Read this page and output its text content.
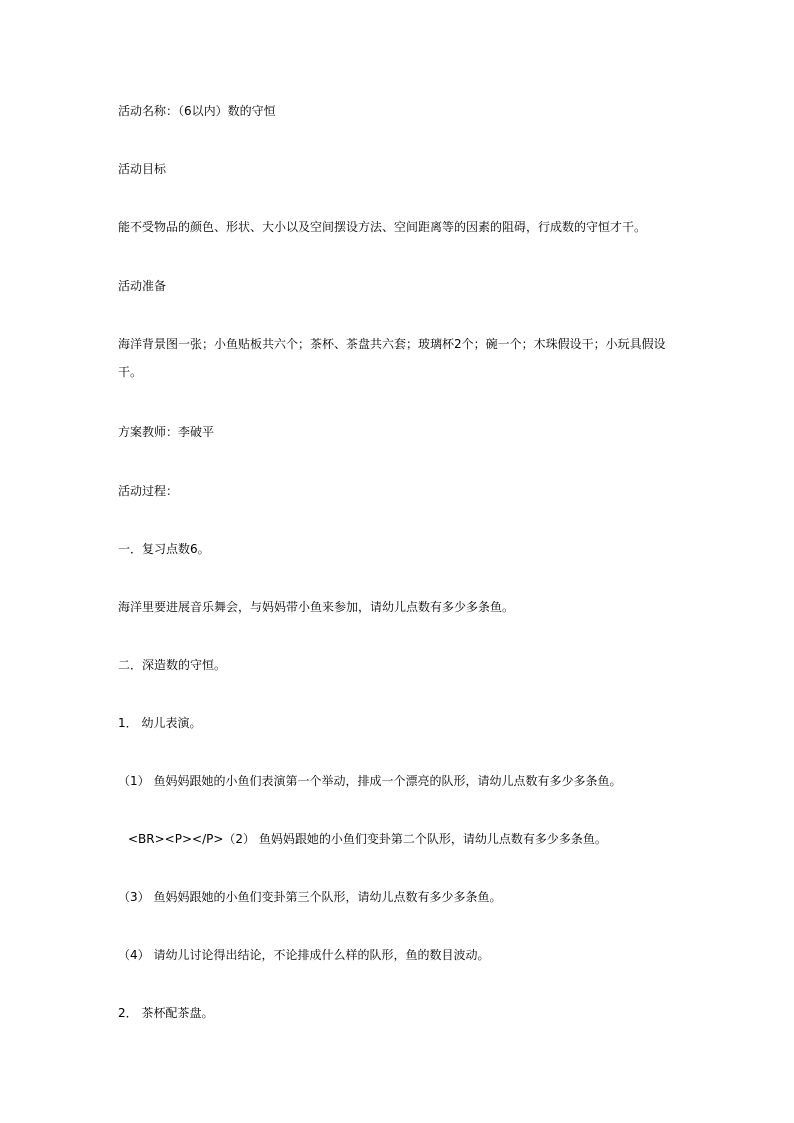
活动名称：（6以内）数的守恒
活动目标
能不受物品的颜色、形状、大小以及空间摆设方法、空间距离等的因素的阻碍，行成数的守恒才干。
活动准备
海洋背景图一张；小鱼贴板共六个；茶杯、茶盘共六套；玻璃杯2个；碗一个；木珠假设干；小玩具假设干。
方案教师：李破平
活动过程：
一．复习点数6。
海洋里要进展音乐舞会，与妈妈带小鱼来参加，请幼儿点数有多少多条鱼。
二．深造数的守恒。
1． 幼儿表演。
（1） 鱼妈妈跟她的小鱼们表演第一个举动，排成一个漂亮的队形，请幼儿点数有多少多条鱼。
<BR><P></P>（2） 鱼妈妈跟她的小鱼们变卦第二个队形，请幼儿点数有多少多条鱼。
（3） 鱼妈妈跟她的小鱼们变卦第三个队形，请幼儿点数有多少多条鱼。
（4） 请幼儿讨论得出结论，不论排成什么样的队形，鱼的数目波动。
2． 茶杯配茶盘。
